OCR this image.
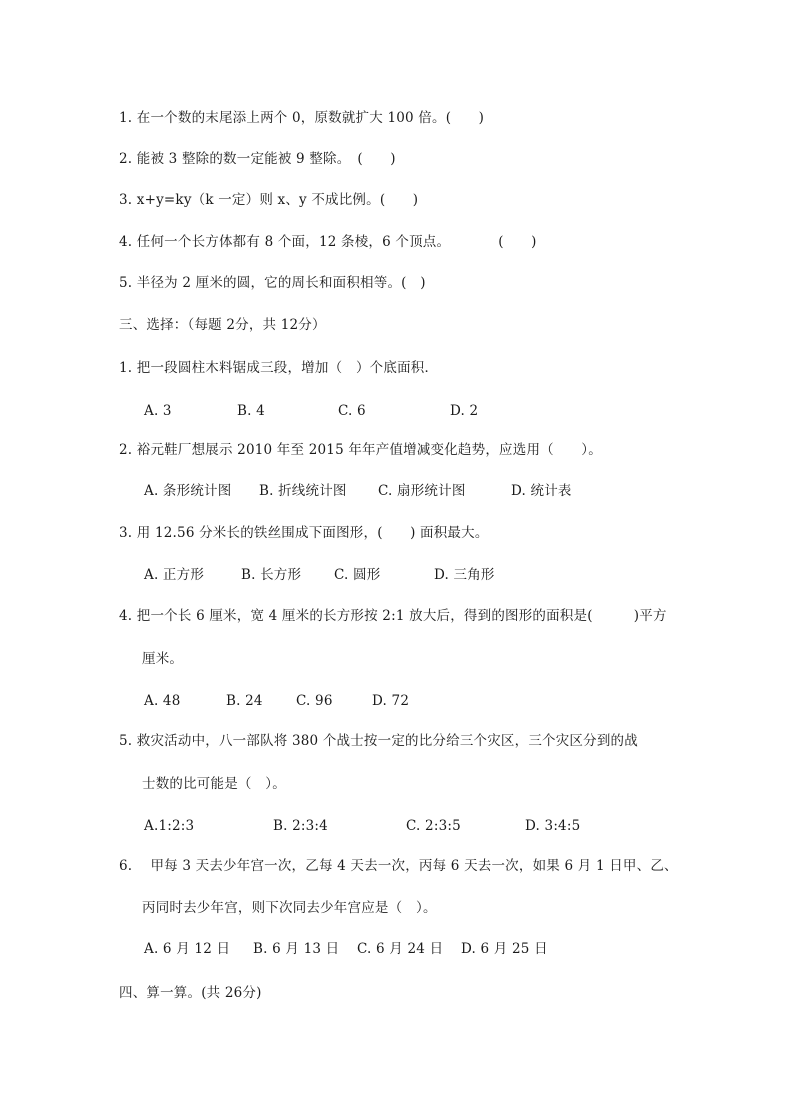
1. 在一个数的末尾添上两个 0，原数就扩大 100 倍。(　　)
2. 能被 3 整除的数一定能被 9 整除。　(　　)
3. x+y=ky（k 一定）则 x、y 不成比例。(　　)
4. 任何一个长方体都有 8 个面，12 条棱，6 个顶点。　　　　(　　)
5. 半径为 2 厘米的圆，它的周长和面积相等。(　)
三、选择：（每题 2分，共 12分）
1. 把一段圆柱木料锯成三段，增加（　）个底面积．
A. 3	B. 4	C. 6	D. 2
2. 裕元鞋厂想展示 2010 年至 2015 年年产值增减变化趋势，应选用（　　）。
A. 条形统计图 B. 折线统计图 C. 扇形统计图	D. 统计表
3. 用 12.56 分米长的铁丝围成下面图形，(　　) 面积最大。
A. 正方形	B. 长方形 C. 圆形	D. 三角形
4. 把一个长 6 厘米，宽 4 厘米的长方形按 2:1 放大后，得到的图形的面积是(　　　)平方
厘米。
A. 48	B. 24 C. 96	D. 72
5. 救灾活动中，八一部队将 380 个战士按一定的比分给三个灾区，三个灾区分到的战
士数的比可能是（　）。
A.1:2:3	B. 2:3:4	C. 2:3:5	D. 3:4:5
6.　 甲每 3 天去少年宫一次，乙每 4 天去一次，丙每 6 天去一次，如果 6 月 1 日甲、乙、
丙同时去少年宫，则下次同去少年宫应是（　）。
A. 6 月 12 日 B. 6 月 13 日 C. 6 月 24 日 D. 6 月 25 日
四、算一算。(共 26分)
